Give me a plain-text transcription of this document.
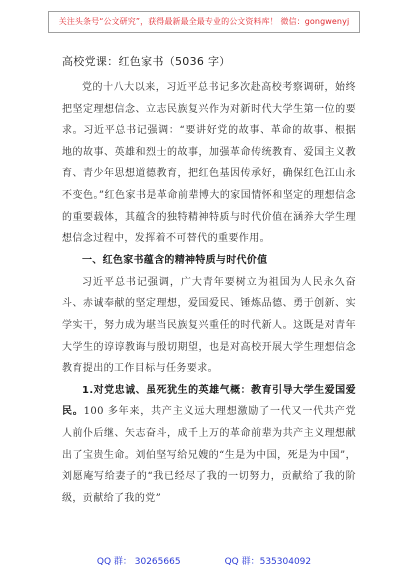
关注头条号“公文研究”，获得最新最全最专业的公文资料库！ 微信：gongwenyj
高校党课：红色家书（5036 字）

党的十八大以来，习近平总书记多次赴高校考察调研，始终把坚定理想信念、立志民族复兴作为对新时代大学生第一位的要求。习近平总书记强调：“要讲好党的故事、革命的故事、根据地的故事、英雄和烈士的故事，加强革命传统教育、爱国主义教育、青少年思想道德教育，把红色基因传承好，确保红色江山永不变色。”红色家书是革命前辈博大的家国情怀和坚定的理想信念的重要载体，其蕴含的独特精神特质与时代价值在涵养大学生理想信念过程中，发挥着不可替代的重要作用。

一、红色家书蕴含的精神特质与时代价值

习近平总书记强调，广大青年要树立为祖国为人民永久奋斗、赤诚奉献的坚定理想，爱国爱民、锤炼品德、勇于创新、实学实干，努力成为堪当民族复兴重任的时代新人。这既是对青年大学生的谆谆教诲与殷切期望，也是对高校开展大学生理想信念教育提出的工作目标与任务要求。

1.对党忠诚、虽死犹生的英雄气概：教育引导大学生爱国爱民。100 多年来，共产主义远大理想激励了一代又一代共产党人前仆后继、矢志奋斗，成千上万的革命前辈为共产主义理想献出了宝贵生命。刘伯坚写给兄嫂的“生是为中国，死是为中国”，刘愿庵写给妻子的“我已经尽了我的一切努力，贡献给了我的阶级，贡献给了我的党”

QQ 群： 30265665	QQ 群：535304092
